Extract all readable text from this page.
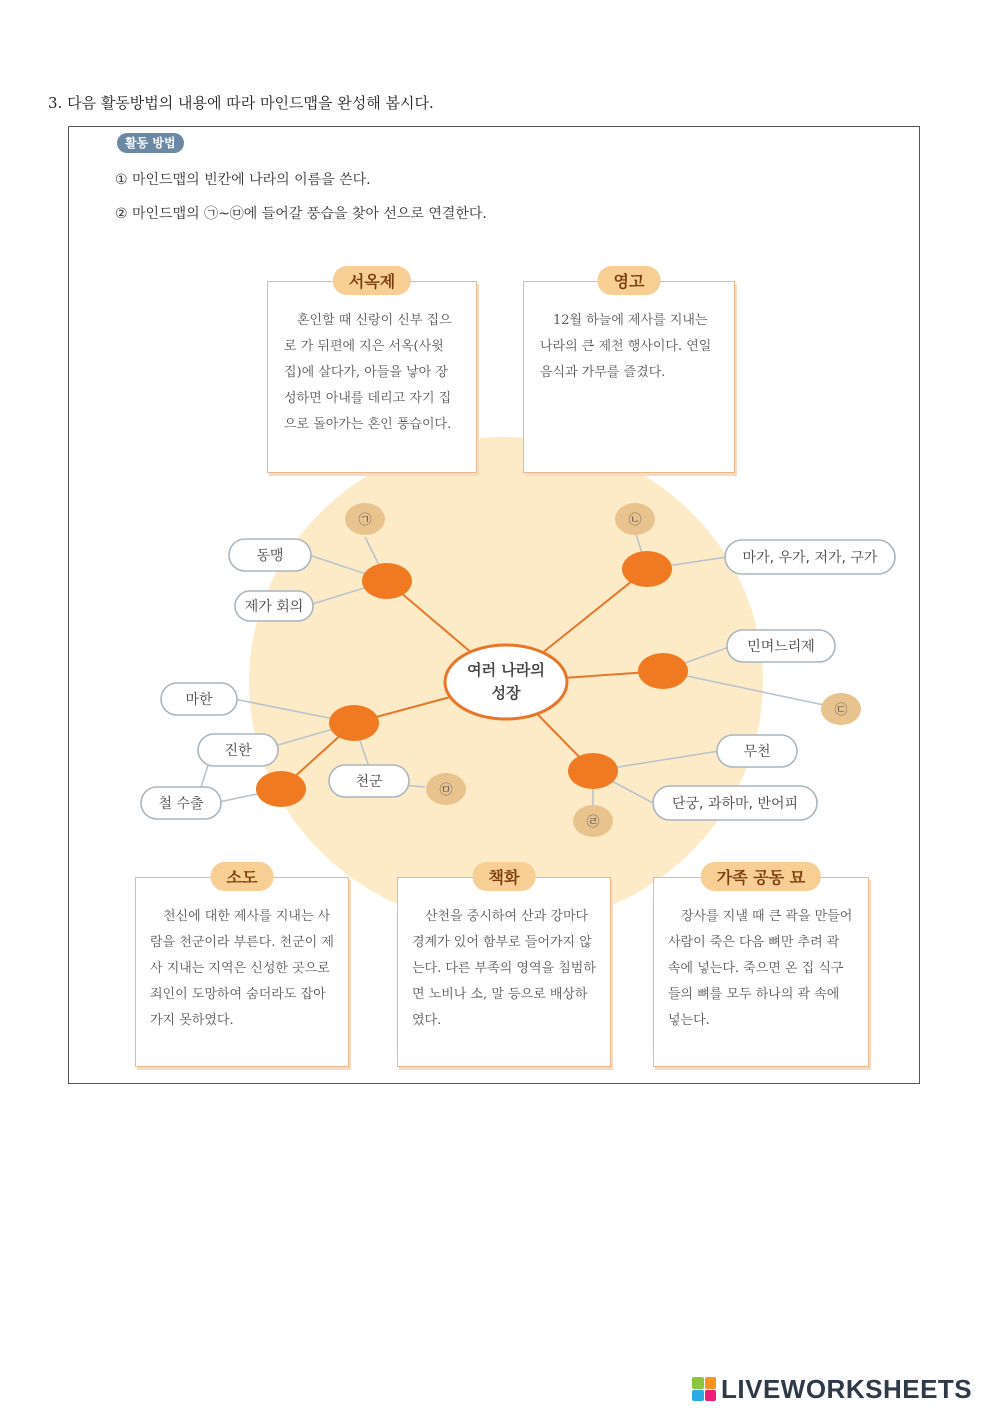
3. 다음 활동방법의 내용에 따라 마인드맵을 완성해 봅시다.

활동 방법

① 마인드맵의 빈칸에 나라의 이름을 쓴다.

② 마인드맵의 ㉠~㉤에 들어갈 풍습을 찾아 선으로 연결한다.

㉠	㉡
㉢
㉣
㉤
동맹
제가 회의
마가, 우가, 저가, 구가
민며느리제
마한
진한
천군
철 수출
무천
단궁, 과하마, 반어피
여러 나라의
성장

서옥제

혼인할 때 신랑이 신부 집으로 가 뒤편에 지은 서옥(사윗집)에 살다가, 아들을 낳아 장성하면 아내를 데리고 자기 집으로 돌아가는 혼인 풍습이다.

영고

12월 하늘에 제사를 지내는 나라의 큰 제천 행사이다. 연일 음식과 가무를 즐겼다.

소도

천신에 대한 제사를 지내는 사람을 천군이라 부른다. 천군이 제사 지내는 지역은 신성한 곳으로 죄인이 도망하여 숨더라도 잡아가지 못하였다.

책화

산천을 중시하여 산과 강마다 경계가 있어 함부로 들어가지 않는다. 다른 부족의 영역을 침범하면 노비나 소, 말 등으로 배상하였다.

가족 공동 묘

장사를 지낼 때 큰 곽을 만들어 사람이 죽은 다음 뼈만 추려 곽 속에 넣는다. 죽으면 온 집 식구들의 뼈를 모두 하나의 곽 속에 넣는다.

LIVEWORKSHEETS
